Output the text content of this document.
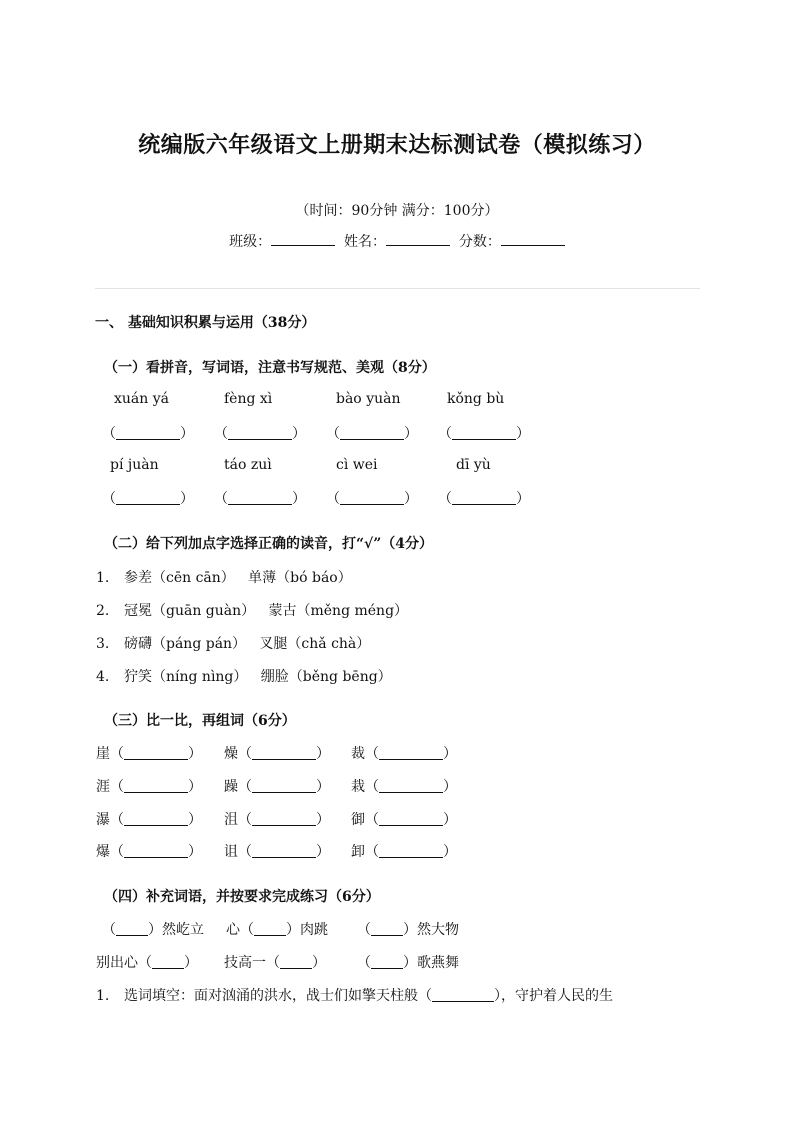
统编版六年级语文上册期末达标测试卷（模拟练习）
（时间：90分钟 满分：100分）
班级：	姓名：	分数：
一、 基础知识积累与运用（38分）
（一）看拼音，写词语，注意书写规范、美观（8分）
xuán yá	fèng xì	bào yuàn	kǒng bù
（	） （	） （	） （	）
pí juàn	táo zuì	cì wei	dī yù
（	） （	） （	） （	）
（二）给下列加点字选择正确的读音，打“√”（4分）
1. 参差（cēn cān） 单薄（bó báo）
2. 冠冕（guān guàn） 蒙古（měng méng）
3. 磅礴（páng pán） 叉腿（chǎ chà）
4. 狞笑（níng nìng） 绷脸（běng bēng）
（三）比一比，再组词（6分）
崖（	） 燥（	） 裁（	）
涯（	） 躁（	） 栽（	）
瀑（	） 沮（	） 御（	）
爆（	） 诅（	） 卸（	）
（四）补充词语，并按要求完成练习（6分）
（ ）然屹立 心（ ）肉跳 （ ）然大物
别出心（ ） 技高一（ ） （ ）歌燕舞
1. 选词填空：面对汹涌的洪水，战士们如擎天柱般（	），守护着人民的生
